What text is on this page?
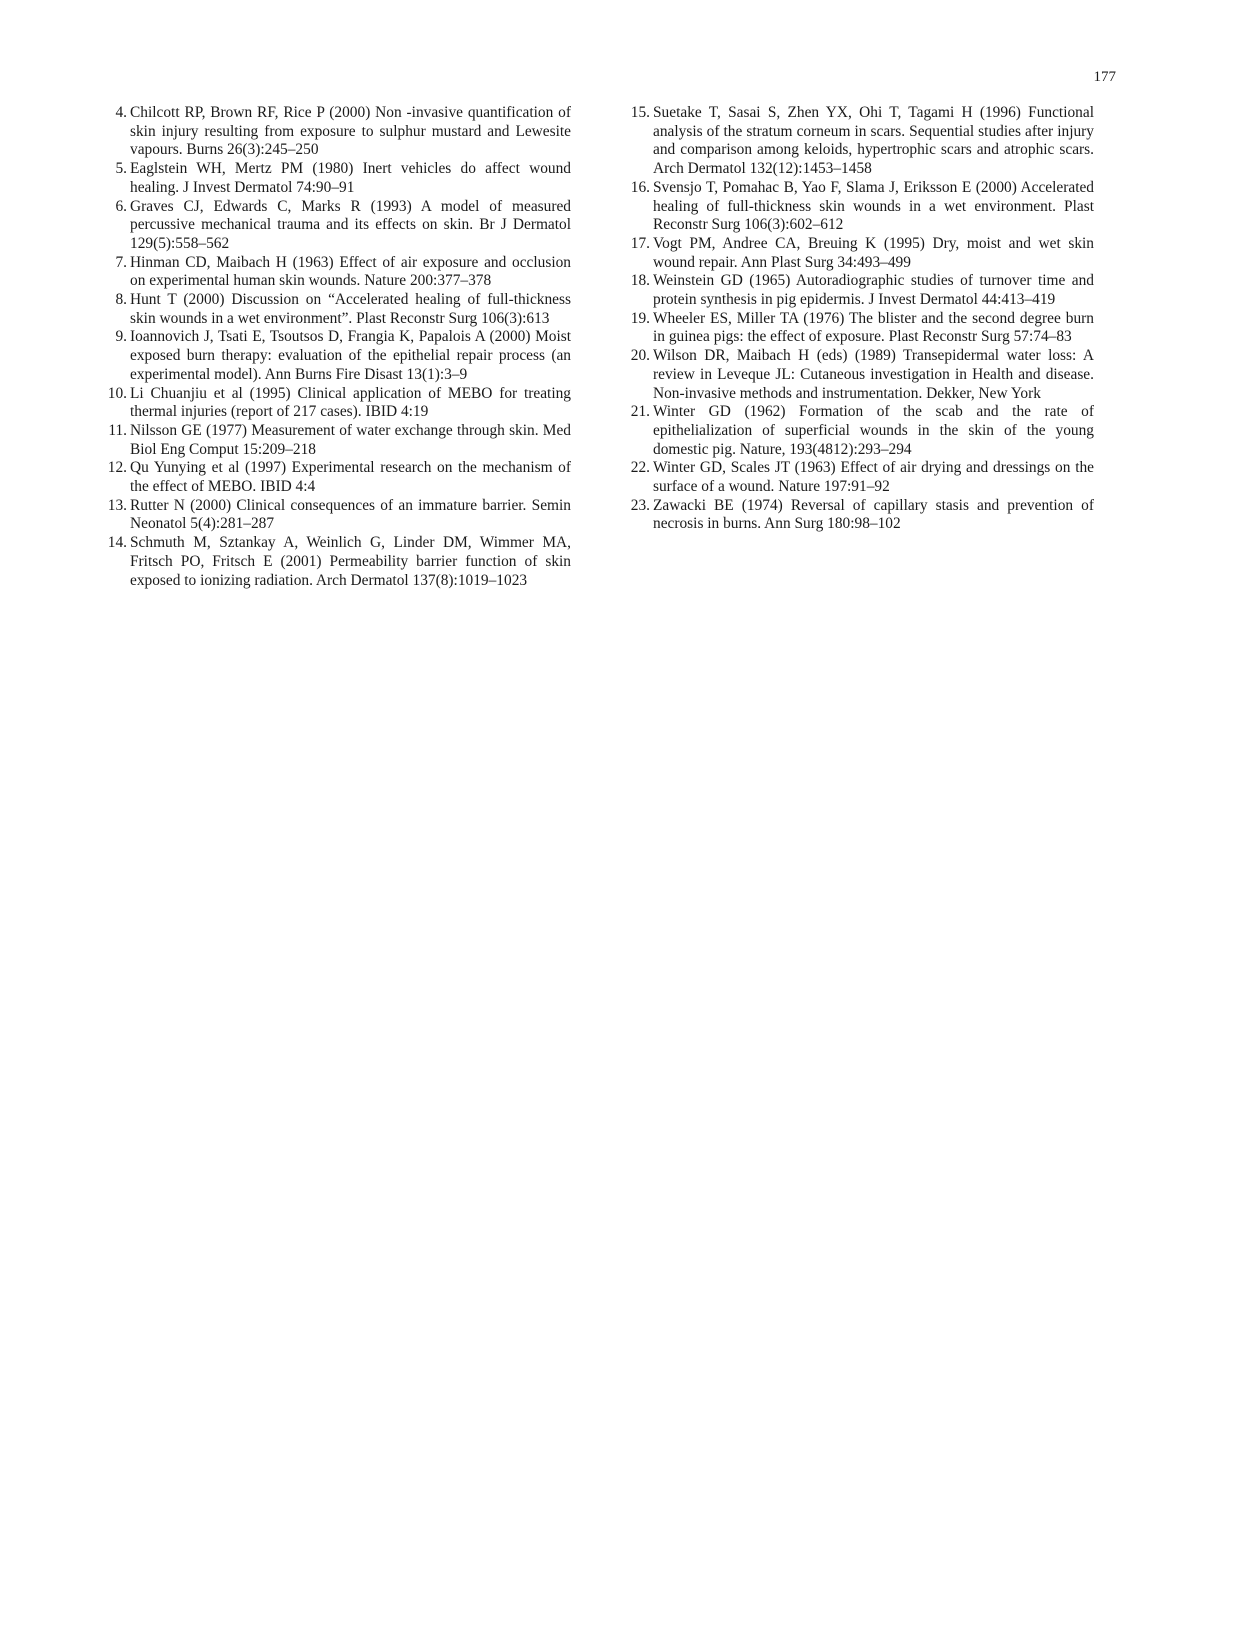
177
4. Chilcott RP, Brown RF, Rice P (2000) Non -invasive quantification of skin injury resulting from exposure to sulphur mustard and Lewesite vapours. Burns 26(3):245–250
5. Eaglstein WH, Mertz PM (1980) Inert vehicles do affect wound healing. J Invest Dermatol 74:90–91
6. Graves CJ, Edwards C, Marks R (1993) A model of measured percussive mechanical trauma and its effects on skin. Br J Dermatol 129(5):558–562
7. Hinman CD, Maibach H (1963) Effect of air exposure and occlusion on experimental human skin wounds. Nature 200:377–378
8. Hunt T (2000) Discussion on “Accelerated healing of full-thickness skin wounds in a wet environment”. Plast Reconstr Surg 106(3):613
9. Ioannovich J, Tsati E, Tsoutsos D, Frangia K, Papalois A (2000) Moist exposed burn therapy: evaluation of the epithelial repair process (an experimental model). Ann Burns Fire Disast 13(1):3–9
10. Li Chuanjiu et al (1995) Clinical application of MEBO for treating thermal injuries (report of 217 cases). IBID 4:19
11. Nilsson GE (1977) Measurement of water exchange through skin. Med Biol Eng Comput 15:209–218
12. Qu Yunying et al (1997) Experimental research on the mechanism of the effect of MEBO. IBID 4:4
13. Rutter N (2000) Clinical consequences of an immature barrier. Semin Neonatol 5(4):281–287
14. Schmuth M, Sztankay A, Weinlich G, Linder DM, Wimmer MA, Fritsch PO, Fritsch E (2001) Permeability barrier function of skin exposed to ionizing radiation. Arch Dermatol 137(8):1019–1023
15. Suetake T, Sasai S, Zhen YX, Ohi T, Tagami H (1996) Functional analysis of the stratum corneum in scars. Sequential studies after injury and comparison among keloids, hypertrophic scars and atrophic scars. Arch Dermatol 132(12):1453–1458
16. Svensjo T, Pomahac B, Yao F, Slama J, Eriksson E (2000) Accelerated healing of full-thickness skin wounds in a wet environment. Plast Reconstr Surg 106(3):602–612
17. Vogt PM, Andree CA, Breuing K (1995) Dry, moist and wet skin wound repair. Ann Plast Surg 34:493–499
18. Weinstein GD (1965) Autoradiographic studies of turnover time and protein synthesis in pig epidermis. J Invest Dermatol 44:413–419
19. Wheeler ES, Miller TA (1976) The blister and the second degree burn in guinea pigs: the effect of exposure. Plast Reconstr Surg 57:74–83
20. Wilson DR, Maibach H (eds) (1989) Transepidermal water loss: A review in Leveque JL: Cutaneous investigation in Health and disease. Non-invasive methods and instrumentation. Dekker, New York
21. Winter GD (1962) Formation of the scab and the rate of epithelialization of superficial wounds in the skin of the young domestic pig. Nature, 193(4812):293–294
22. Winter GD, Scales JT (1963) Effect of air drying and dressings on the surface of a wound. Nature 197:91–92
23. Zawacki BE (1974) Reversal of capillary stasis and prevention of necrosis in burns. Ann Surg 180:98–102
